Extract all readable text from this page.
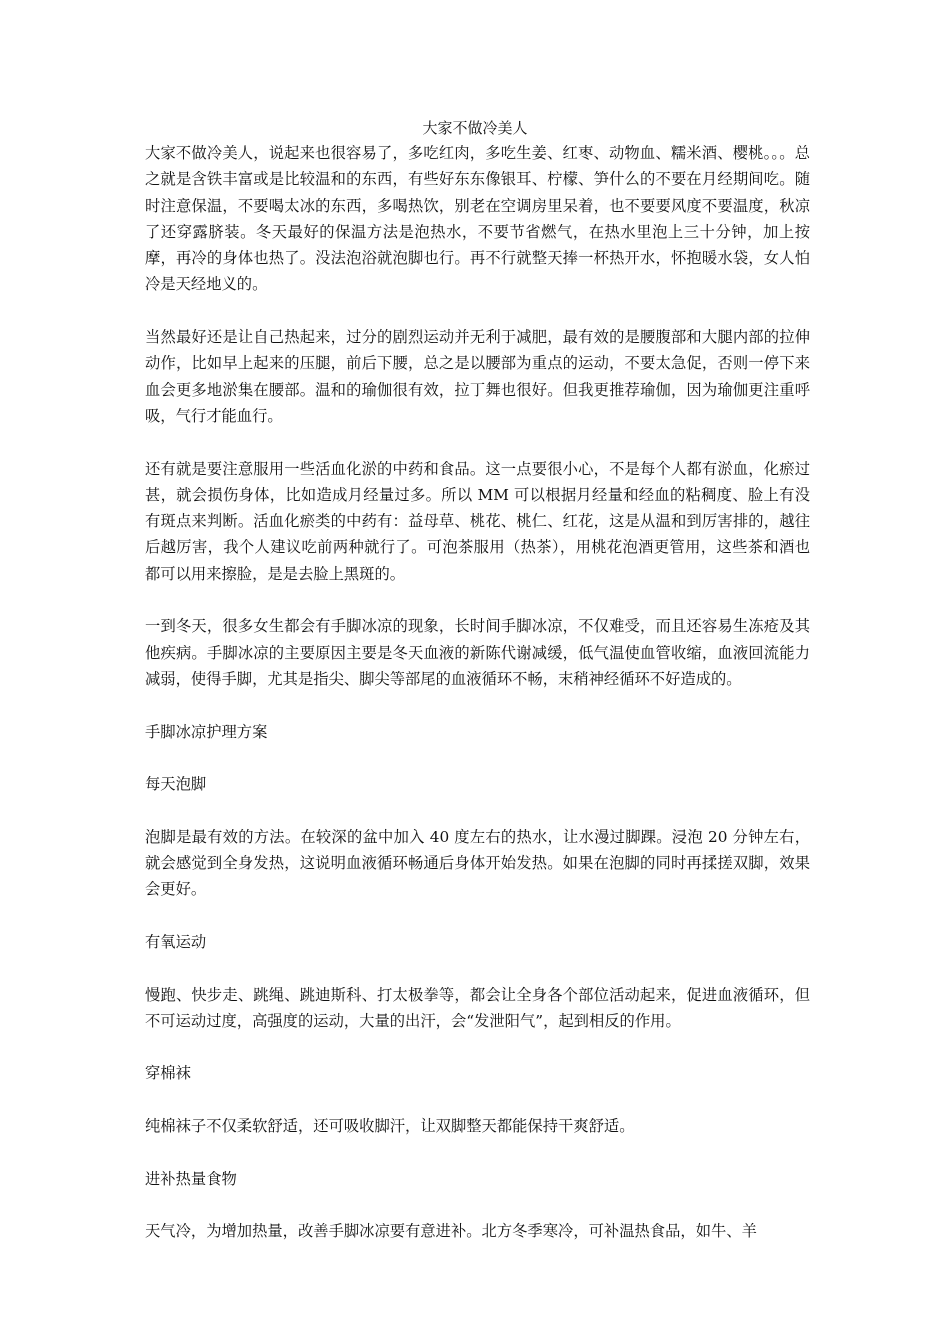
大家不做冷美人

大家不做冷美人，说起来也很容易了，多吃红肉，多吃生姜、红枣、动物血、糯米酒、樱桃。。。总之就是含铁丰富或是比较温和的东西，有些好东东像银耳、柠檬、笋什么的不要在月经期间吃。随时注意保温，不要喝太冰的东西，多喝热饮，别老在空调房里呆着，也不要要风度不要温度，秋凉了还穿露脐装。冬天最好的保温方法是泡热水，不要节省燃气，在热水里泡上三十分钟，加上按摩，再冷的身体也热了。没法泡浴就泡脚也行。再不行就整天捧一杯热开水，怀抱暖水袋，女人怕冷是天经地义的。

当然最好还是让自己热起来，过分的剧烈运动并无利于减肥，最有效的是腰腹部和大腿内部的拉伸动作，比如早上起来的压腿，前后下腰，总之是以腰部为重点的运动，不要太急促，否则一停下来血会更多地淤集在腰部。温和的瑜伽很有效，拉丁舞也很好。但我更推荐瑜伽，因为瑜伽更注重呼吸，气行才能血行。

还有就是要注意服用一些活血化淤的中药和食品。这一点要很小心，不是每个人都有淤血，化瘀过甚，就会损伤身体，比如造成月经量过多。所以 MM 可以根据月经量和经血的粘稠度、脸上有没有斑点来判断。活血化瘀类的中药有：益母草、桃花、桃仁、红花，这是从温和到厉害排的，越往后越厉害，我个人建议吃前两种就行了。可泡茶服用（热茶），用桃花泡酒更管用，这些茶和酒也都可以用来擦脸，是是去脸上黑斑的。

一到冬天，很多女生都会有手脚冰凉的现象，长时间手脚冰凉，不仅难受，而且还容易生冻疮及其他疾病。手脚冰凉的主要原因主要是冬天血液的新陈代谢减缓，低气温使血管收缩，血液回流能力减弱，使得手脚，尤其是指尖、脚尖等部尾的血液循环不畅，末稍神经循环不好造成的。

手脚冰凉护理方案

每天泡脚

泡脚是最有效的方法。在较深的盆中加入 40 度左右的热水，让水漫过脚踝。浸泡 20 分钟左右，就会感觉到全身发热，这说明血液循环畅通后身体开始发热。如果在泡脚的同时再揉搓双脚，效果会更好。

有氧运动

慢跑、快步走、跳绳、跳迪斯科、打太极拳等，都会让全身各个部位活动起来，促进血液循环，但不可运动过度，高强度的运动，大量的出汗，会“发泄阳气”，起到相反的作用。

穿棉袜

纯棉袜子不仅柔软舒适，还可吸收脚汗，让双脚整天都能保持干爽舒适。

进补热量食物

天气冷，为增加热量，改善手脚冰凉要有意进补。北方冬季寒冷，可补温热食品，如牛、羊
